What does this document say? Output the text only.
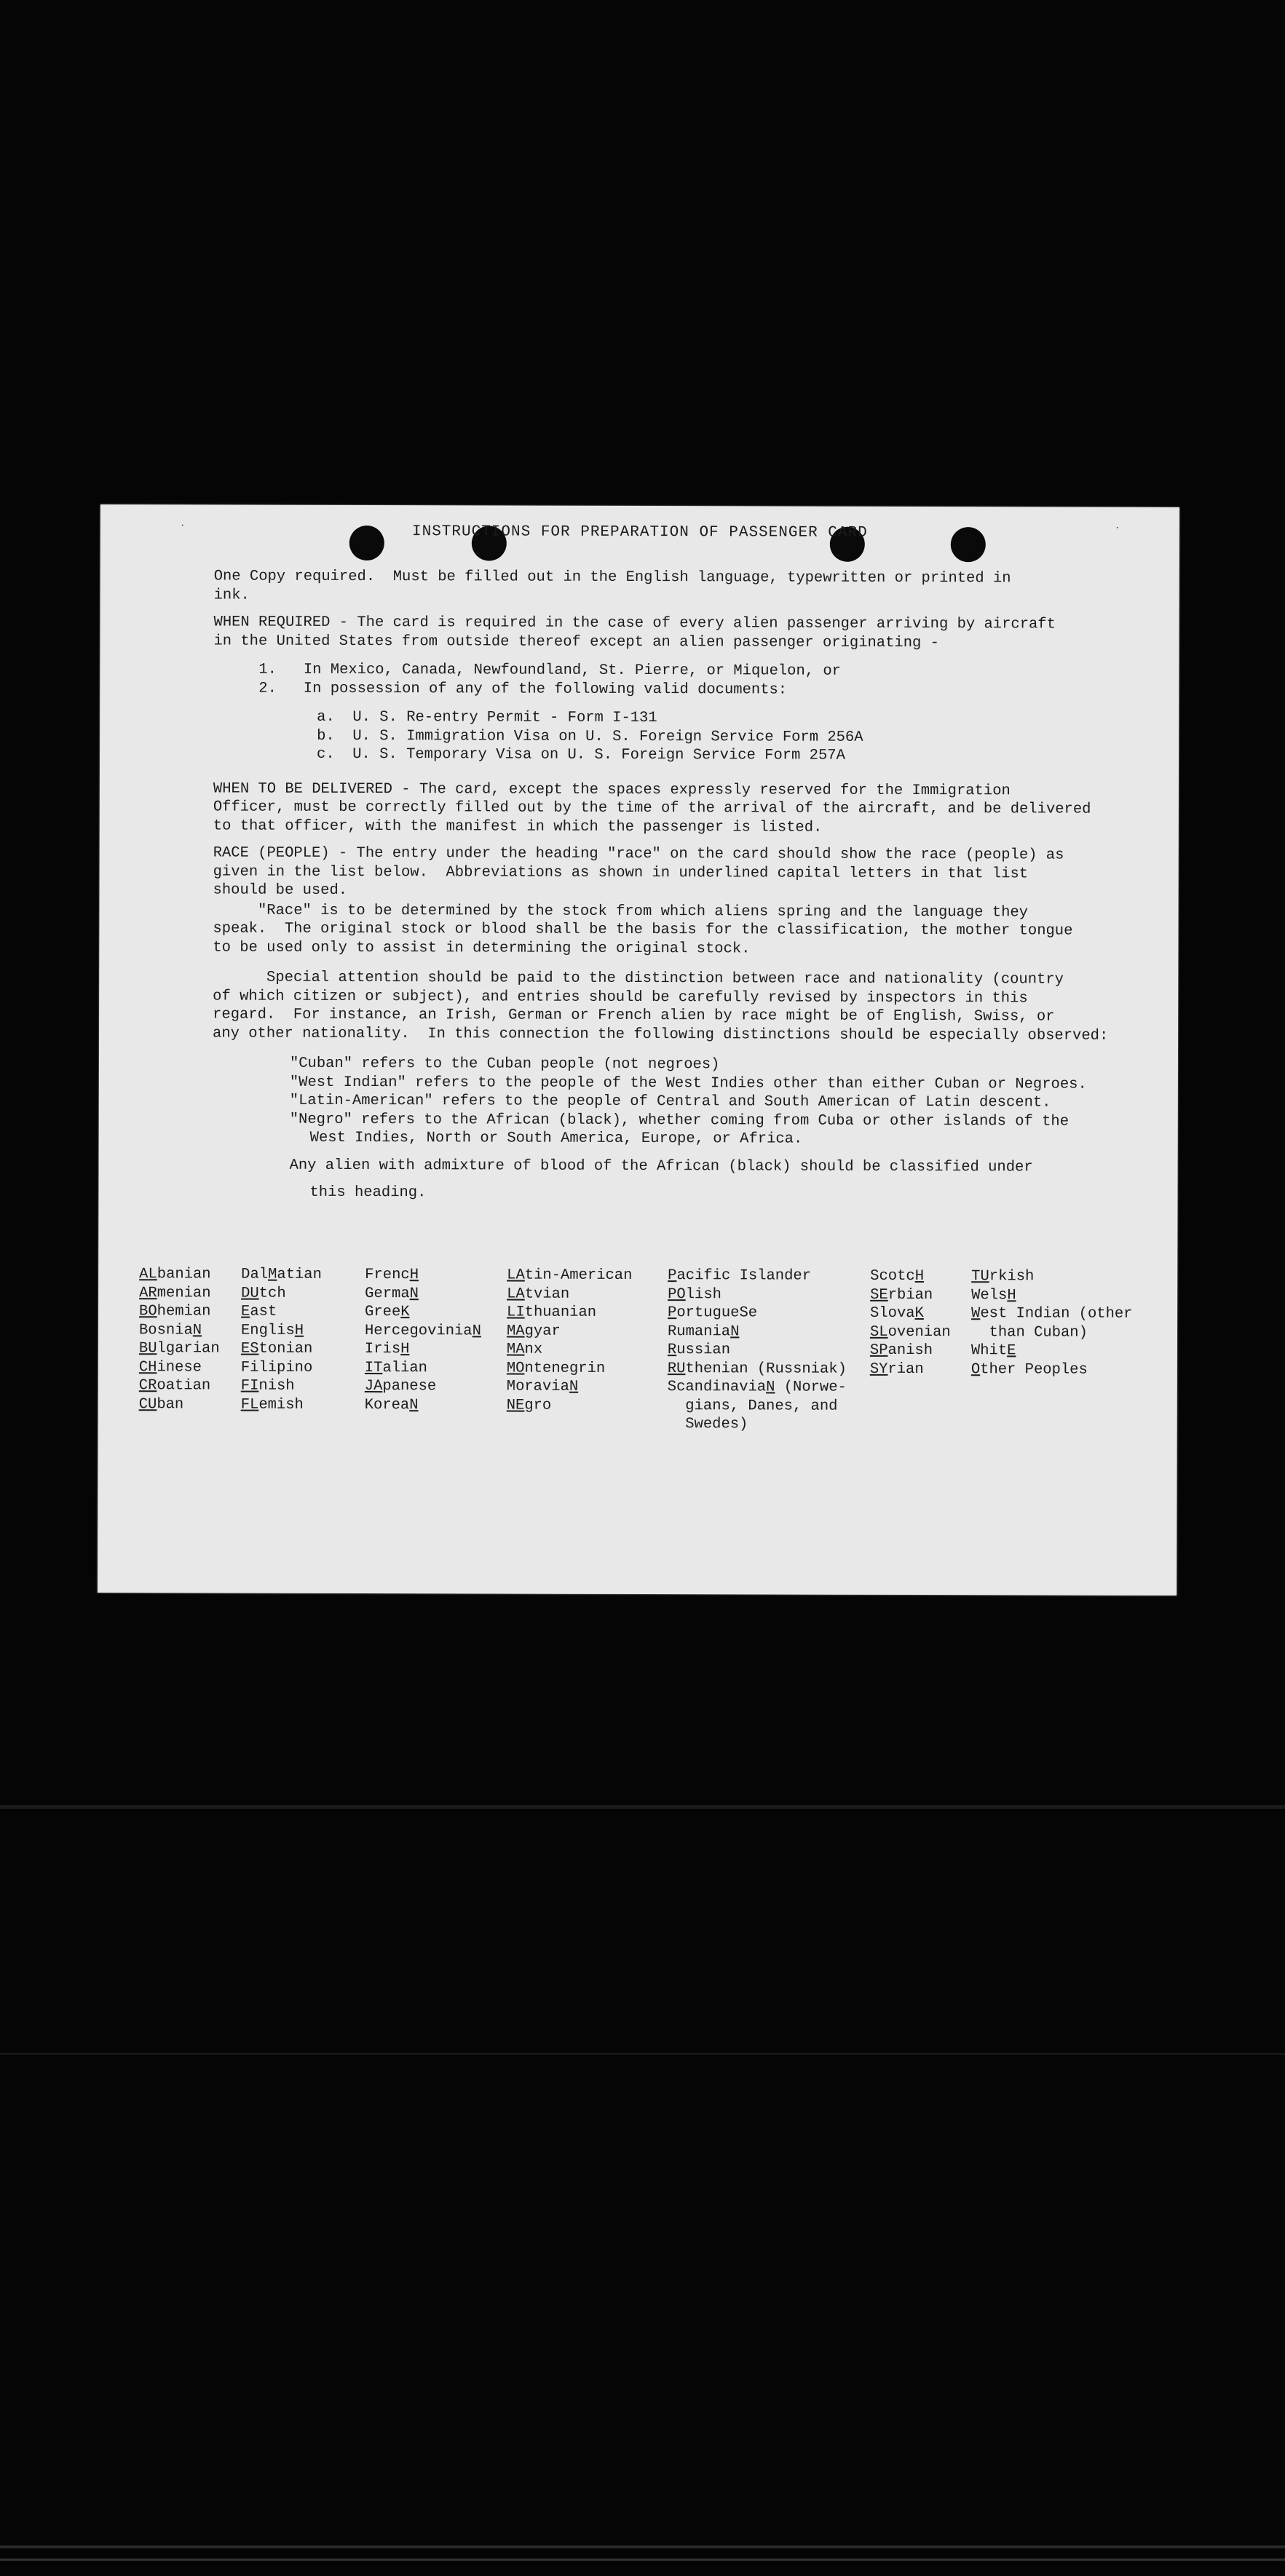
˙	˙
INSTRUCTIONS FOR PREPARATION OF PASSENGER CARD

One Copy required.  Must be filled out in the English language, typewritten or printed in
ink.

WHEN REQUIRED - The card is required in the case of every alien passenger arriving by aircraft
in the United States from outside thereof except an alien passenger originating -

1.   In Mexico, Canada, Newfoundland, St. Pierre, or Miquelon, or

2.   In possession of any of the following valid documents:

a.  U. S. Re-entry Permit - Form I-131

b.  U. S. Immigration Visa on U. S. Foreign Service Form 256A

c.  U. S. Temporary Visa on U. S. Foreign Service Form 257A

WHEN TO BE DELIVERED - The card, except the spaces expressly reserved for the Immigration
Officer, must be correctly filled out by the time of the arrival of the aircraft, and be delivered
to that officer, with the manifest in which the passenger is listed.

RACE (PEOPLE) - The entry under the heading "race" on the card should show the race (people) as
given in the list below.  Abbreviations as shown in underlined capital letters in that list
should be used.

"Race" is to be determined by the stock from which aliens spring and the language they
speak.  The original stock or blood shall be the basis for the classification, the mother tongue
to be used only to assist in determining the original stock.

Special attention should be paid to the distinction between race and nationality (country
of which citizen or subject), and entries should be carefully revised by inspectors in this
regard.  For instance, an Irish, German or French alien by race might be of English, Swiss, or
any other nationality.  In this connection the following distinctions should be especially observed:

"Cuban" refers to the Cuban people (not negroes)

"West Indian" refers to the people of the West Indies other than either Cuban or Negroes.

"Latin-American" refers to the people of Central and South American of Latin descent.

"Negro" refers to the African (black), whether coming from Cuba or other islands of the

West Indies, North or South America, Europe, or Africa.

Any alien with admixture of blood of the African (black) should be classified under

this heading.

ALbanian
ARmenian
BOhemian
BosniaN
BUlgarian
CHinese
CRoatian
CUban
DalMatian
DUtch
East
EnglisH
EStonian
Filipino
FInish
FLemish
FrencH
GermaN
GreeK
HercegoviniaN
IrisH
ITalian
JApanese
KoreaN
LAtin-American
LAtvian
LIthuanian
MAgyar
MAnx
MOntenegrin
MoraviaN
NEgro
Pacific Islander
POlish
PortugueSe
RumaniaN
Russian
RUthenian (Russniak)
ScandinaviaN (Norwe-
gians, Danes, and
Swedes)
ScotcH
SErbian
SlovaK
SLovenian
SPanish
SYrian
TUrkish
WelsH
West Indian (other
than Cuban)
WhitE
Other Peoples
